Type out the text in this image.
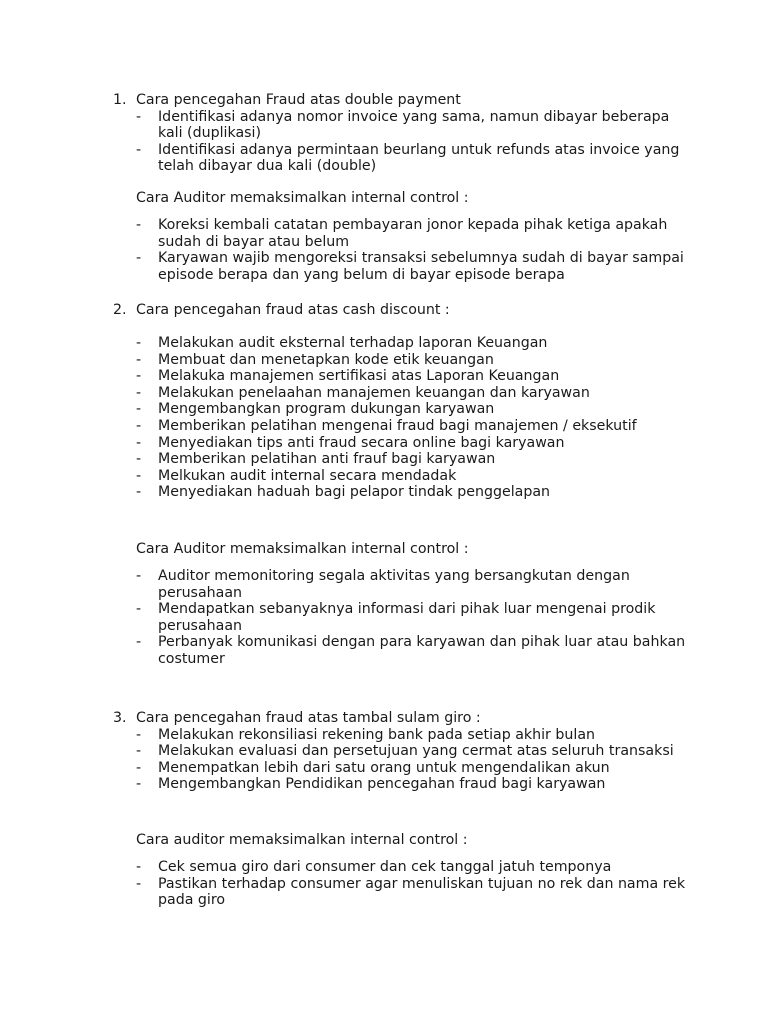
1. Cara pencegahan Fraud atas double payment
- Identifikasi adanya nomor invoice yang sama, namun dibayar beberapa kali (duplikasi)
- Identifikasi adanya permintaan beurlang untuk refunds atas invoice yang telah dibayar dua kali (double)
Cara Auditor memaksimalkan internal control :
- Koreksi kembali catatan pembayaran jonor kepada pihak ketiga apakah sudah di bayar atau belum
- Karyawan wajib mengoreksi transaksi sebelumnya sudah di bayar sampai episode berapa dan yang belum di bayar episode berapa
2. Cara pencegahan fraud atas cash discount :
- Melakukan audit eksternal terhadap laporan Keuangan
- Membuat dan menetapkan kode etik keuangan
- Melakuka manajemen sertifikasi atas Laporan Keuangan
- Melakukan penelaahan manajemen keuangan dan karyawan
- Mengembangkan program dukungan karyawan
- Memberikan pelatihan mengenai fraud bagi manajemen / eksekutif
- Menyediakan tips anti fraud secara online bagi karyawan
- Memberikan pelatihan anti frauf bagi karyawan
- Melkukan audit internal secara mendadak
- Menyediakan haduah bagi pelapor tindak penggelapan
Cara Auditor memaksimalkan internal control :
- Auditor memonitoring segala aktivitas yang bersangkutan dengan perusahaan
- Mendapatkan sebanyaknya informasi dari pihak luar mengenai prodik perusahaan
- Perbanyak komunikasi dengan para karyawan dan pihak luar atau bahkan costumer
3. Cara pencegahan fraud atas tambal sulam giro :
- Melakukan rekonsiliasi rekening bank pada setiap akhir bulan
- Melakukan evaluasi dan persetujuan yang cermat atas seluruh transaksi
- Menempatkan lebih dari satu orang untuk mengendalikan akun
- Mengembangkan Pendidikan pencegahan fraud bagi karyawan
Cara auditor memaksimalkan internal control :
- Cek semua giro dari consumer dan cek tanggal jatuh temponya
- Pastikan terhadap consumer agar menuliskan tujuan no rek dan nama rek pada giro
